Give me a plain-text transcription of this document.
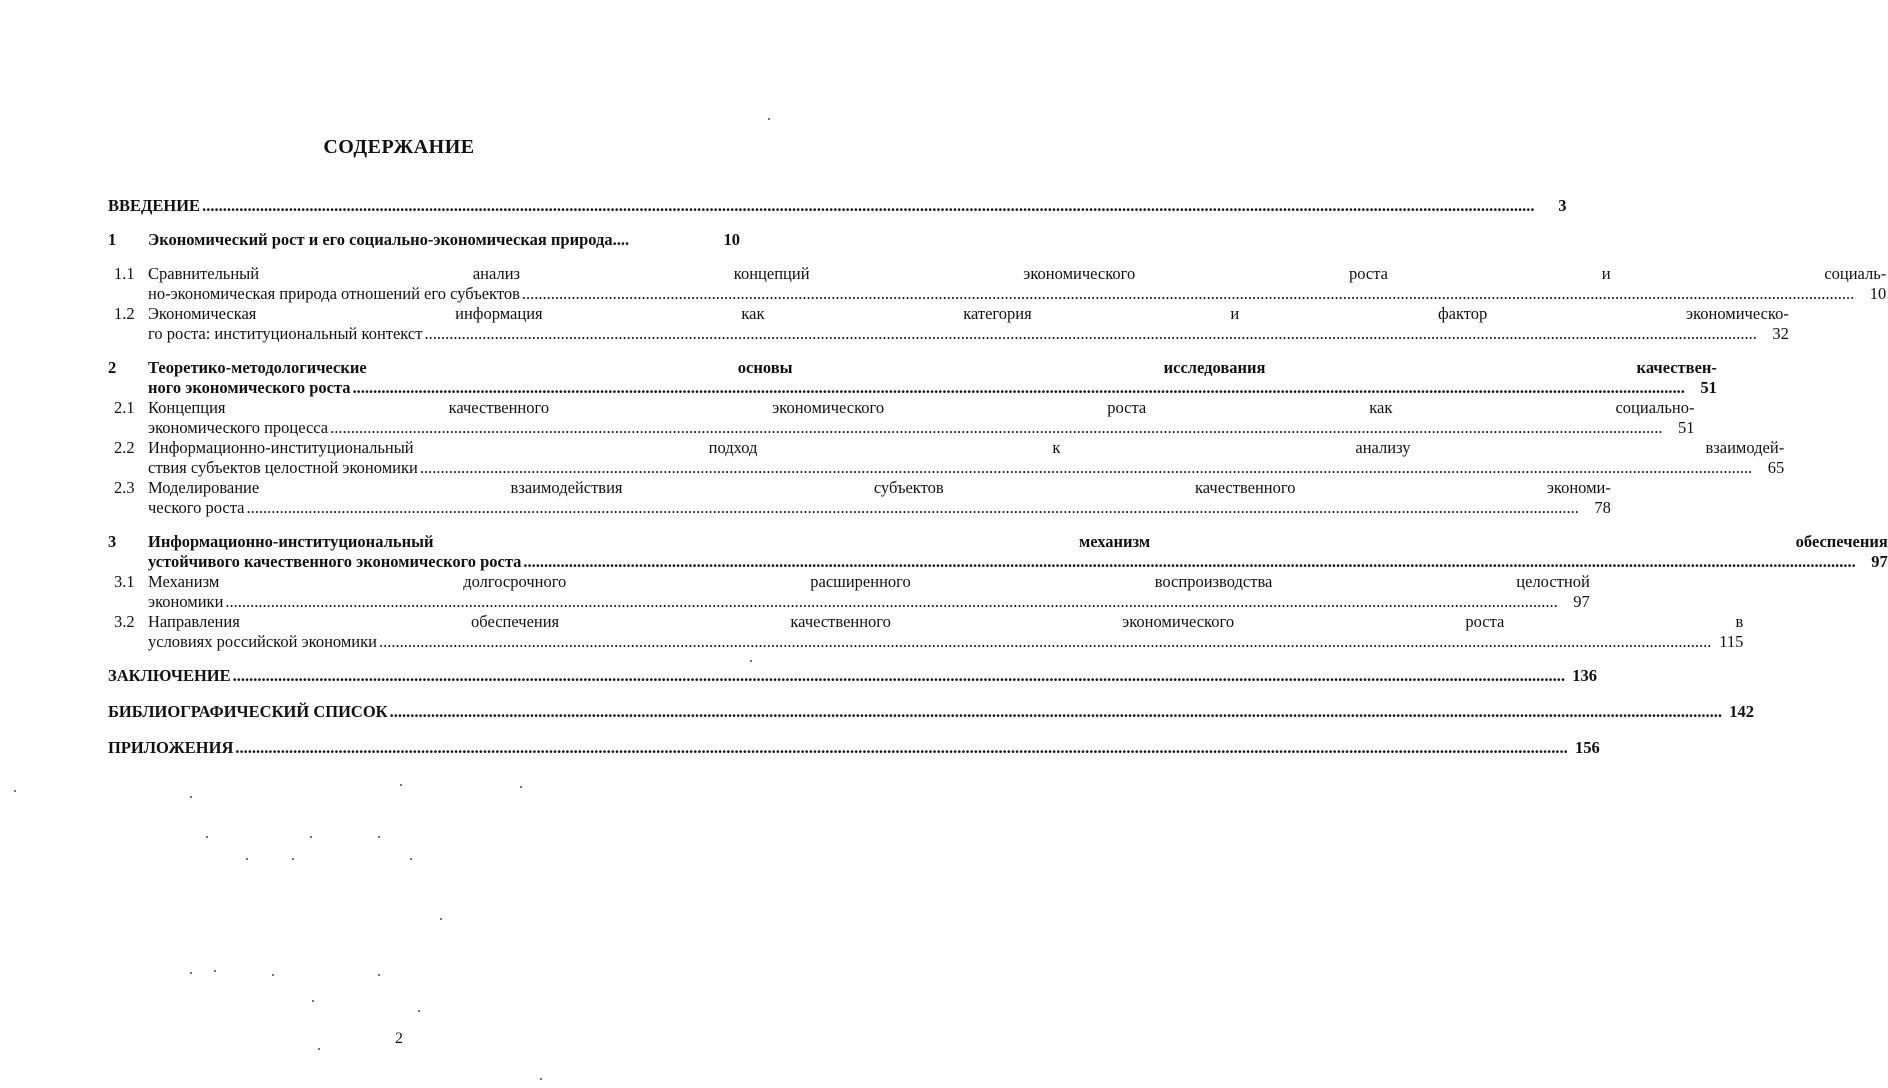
СОДЕРЖАНИЕ
ВВЕДЕНИЕ .....	3
1	Экономический рост и его социально-экономическая природа....	10
1.1 Сравнительный анализ концепций экономического роста и социаль-
но-экономическая природа отношений его субъектов .....	10
1.2 Экономическая информация как категория и фактор экономическо-
го роста: институциональный контекст .....	32
2	Теоретико-методологические основы исследования качествен-
ного экономического роста .....	51
2.1 Концепция качественного экономического роста как социально-
экономического процесса .....	51
2.2 Информационно-институциональный подход к анализу взаимодей-
ствия субъектов целостной экономики .....	65
2.3 Моделирование взаимодействия субъектов качественного экономи-
ческого роста .....	78
3	Информационно-институциональный механизм обеспечения
устойчивого качественного экономического роста .....	97
3.1 Механизм долгосрочного расширенного воспроизводства целостной
экономики .....	97
3.2 Направления обеспечения качественного экономического роста в
условиях российской экономики .....	115
ЗАКЛЮЧЕНИЕ .....	136
БИБЛИОГРАФИЧЕСКИЙ СПИСОК .....	142
ПРИЛОЖЕНИЯ .....	156
2
